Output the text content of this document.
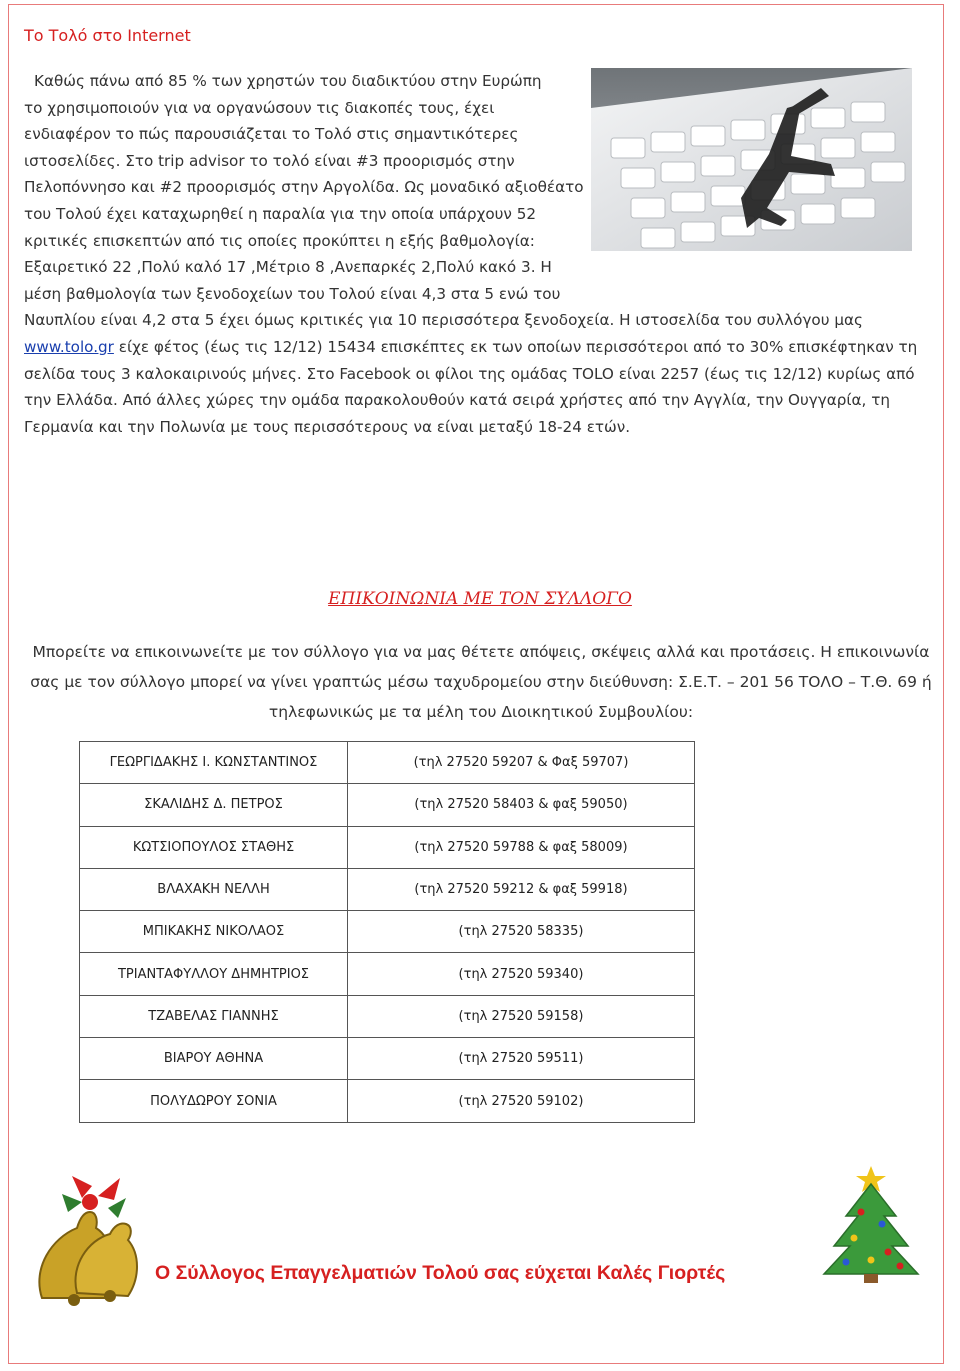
Το Τολό στο Internet

Καθώς πάνω από 85 % των χρηστών του διαδικτύου στην Ευρώπη

το χρησιμοποιούν για να οργανώσουν τις διακοπές τους, έχει

ενδιαφέρον το πώς παρουσιάζεται το Τολό στις σημαντικότερες

ιστοσελίδες. Στο trip advisor το τολό είναι #3 προορισμός στην

Πελοπόννησο και #2 προορισμός στην Αργολίδα.

Ως μοναδικό αξιοθέατο του Τολού έχει καταχωρηθεί η παραλία για την οποία υπάρχουν 52 κριτικές επισκεπτών από τις οποίες προκύπτει η εξής βαθμολογία: Εξαιρετικό 22 ,Πολύ καλό 17 ,Μέτριο 8 ,Ανεπαρκές 2,Πολύ κακό 3. Η μέση βαθμολογία των ξενοδοχείων του Τολού είναι 4,3 στα 5 ενώ του Ναυπλίου είναι 4,2 στα 5 έχει όμως κριτικές για 10 περισσότερα ξενοδοχεία. Η ιστοσελίδα του συλλόγου μας www.tolo.gr είχε φέτος (έως τις 12/12) 15434 επισκέπτες εκ των οποίων περισσότεροι από το 30% επισκέφτηκαν τη σελίδα τους 3 καλοκαιρινούς μήνες. Στο Facebook οι φίλοι της ομάδας TOLO είναι 2257 (έως τις 12/12) κυρίως από την Ελλάδα. Από άλλες χώρες την ομάδα παρακολουθούν κατά σειρά χρήστες από την Αγγλία, την Ουγγαρία, τη Γερμανία και την Πολωνία με τους περισσότερους να είναι μεταξύ 18-24 ετών.
ΕΠΙΚΟΙΝΩΝΙΑ ΜΕ ΤΟΝ ΣΥΛΛΟΓΟ
Μπορείτε να επικοινωνείτε με τον σύλλογο για να μας θέτετε απόψεις, σκέψεις αλλά και προτάσεις. Η επικοινωνία σας με τον σύλλογο μπορεί να γίνει γραπτώς μέσω ταχυδρομείου στην διεύθυνση: Σ.Ε.Τ. – 201 56 ΤΟΛΟ – Τ.Θ. 69 ή τηλεφωνικώς με τα μέλη του Διοικητικού Συμβουλίου:
ΓΕΩΡΓΙΔΑΚΗΣ Ι. ΚΩΝΣΤΑΝΤΙΝΟΣ	(τηλ 27520 59207 & Φαξ 59707)
ΣΚΑΛΙΔΗΣ Δ. ΠΕΤΡΟΣ	(τηλ 27520 58403 & φαξ 59050)
ΚΩΤΣΙΟΠΟΥΛΟΣ ΣΤΑΘΗΣ	(τηλ 27520 59788 & φαξ 58009)
ΒΛΑΧΑΚΗ ΝΕΛΛΗ	(τηλ 27520 59212 & φαξ 59918)
ΜΠΙΚΑΚΗΣ ΝΙΚΟΛΑΟΣ	(τηλ 27520 58335)
ΤΡΙΑΝΤΑΦΥΛΛΟΥ ΔΗΜΗΤΡΙΟΣ	(τηλ 27520 59340)
ΤΖΑΒΕΛΑΣ ΓΙΑΝΝΗΣ	(τηλ 27520 59158)
ΒΙΑΡΟΥ ΑΘΗΝΑ	(τηλ 27520 59511)
ΠΟΛΥΔΩΡΟΥ ΣΟΝΙΑ	(τηλ 27520 59102)
Ο Σύλλογος Επαγγελματιών Τολού σας εύχεται Καλές Γιορτές
